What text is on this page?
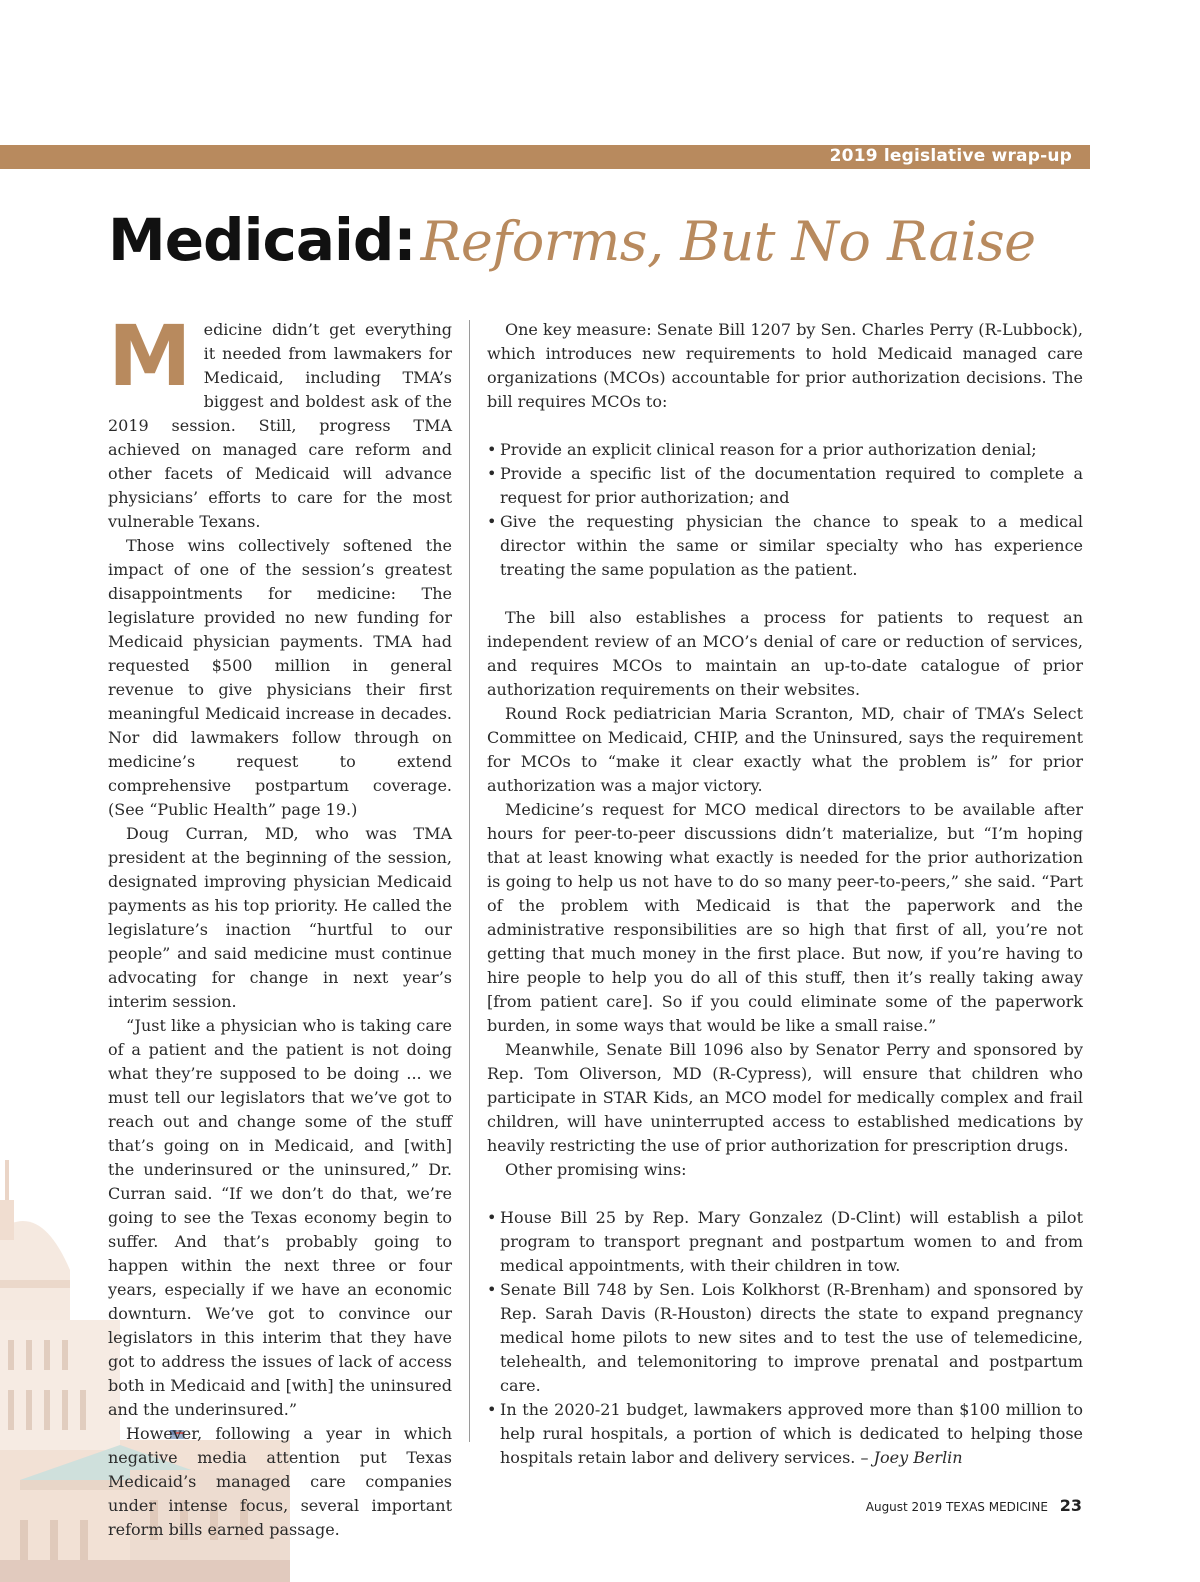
2019 legislative wrap-up
Medicaid: Reforms, But No Raise

Medicine didn’t get everything it needed from lawmakers for Medicaid, including TMA’s biggest and boldest ask of the 2019 session. Still, progress TMA achieved on managed care reform and other facets of Medicaid will advance physicians’ efforts to care for the most vulnerable Texans.

Those wins collectively softened the impact of one of the session’s greatest disappointments for medicine: The legislature provided no new funding for Medicaid physician payments. TMA had requested $500 million in general revenue to give physicians their first meaningful Medicaid increase in decades. Nor did lawmakers follow through on medicine’s request to extend comprehensive postpartum coverage. (See “Public Health” page 19.)

Doug Curran, MD, who was TMA president at the beginning of the session, designated improving physician Medicaid payments as his top priority. He called the legislature’s inaction “hurtful to our people” and said medicine must continue advocating for change in next year’s interim session.

“Just like a physician who is taking care of a patient and the patient is not doing what they’re supposed to be doing ... we must tell our legislators that we’ve got to reach out and change some of the stuff that’s going on in Medicaid, and [with] the underinsured or the uninsured,” Dr. Curran said. “If we don’t do that, we’re going to see the Texas economy begin to suffer. And that’s probably going to happen within the next three or four years, especially if we have an economic downturn. We’ve got to convince our legislators in this interim that they have got to address the issues of lack of access both in Medicaid and [with] the uninsured and the underinsured.”

However, following a year in which negative media attention put Texas Medicaid’s managed care companies under intense focus, several important reform bills earned passage.

One key measure: Senate Bill 1207 by Sen. Charles Perry (R-Lubbock), which introduces new requirements to hold Medicaid managed care organizations (MCOs) accountable for prior authorization decisions. The bill requires MCOs to:

• Provide an explicit clinical reason for a prior authorization denial;
• Provide a specific list of the documentation required to complete a request for prior authorization; and
• Give the requesting physician the chance to speak to a medical director within the same or similar specialty who has experience treating the same population as the patient.

The bill also establishes a process for patients to request an independent review of an MCO’s denial of care or reduction of services, and requires MCOs to maintain an up-to-date catalogue of prior authorization requirements on their websites.

Round Rock pediatrician Maria Scranton, MD, chair of TMA’s Select Committee on Medicaid, CHIP, and the Uninsured, says the requirement for MCOs to “make it clear exactly what the problem is” for prior authorization was a major victory.

Medicine’s request for MCO medical directors to be available after hours for peer-to-peer discussions didn’t materialize, but “I’m hoping that at least knowing what exactly is needed for the prior authorization is going to help us not have to do so many peer-to-peers,” she said. “Part of the problem with Medicaid is that the paperwork and the administrative responsibilities are so high that first of all, you’re not getting that much money in the first place. But now, if you’re having to hire people to help you do all of this stuff, then it’s really taking away [from patient care]. So if you could eliminate some of the paperwork burden, in some ways that would be like a small raise.”

Meanwhile, Senate Bill 1096 also by Senator Perry and sponsored by Rep. Tom Oliverson, MD (R-Cypress), will ensure that children who participate in STAR Kids, an MCO model for medically complex and frail children, will have uninterrupted access to established medications by heavily restricting the use of prior authorization for prescription drugs.

Other promising wins:

• House Bill 25 by Rep. Mary Gonzalez (D-Clint) will establish a pilot program to transport pregnant and postpartum women to and from medical appointments, with their children in tow.
• Senate Bill 748 by Sen. Lois Kolkhorst (R-Brenham) and sponsored by Rep. Sarah Davis (R-Houston) directs the state to expand pregnancy medical home pilots to new sites and to test the use of telemedicine, telehealth, and telemonitoring to improve prenatal and postpartum care.
• In the 2020-21 budget, lawmakers approved more than $100 million to help rural hospitals, a portion of which is dedicated to helping those hospitals retain labor and delivery services. – Joey Berlin
August 2019 TEXAS MEDICINE 23
